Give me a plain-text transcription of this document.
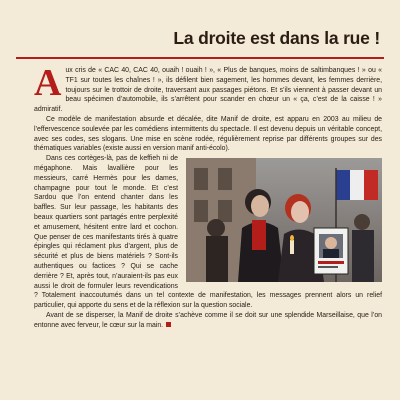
La droite est dans la rue !
A ux cris de « CAC 40, CAC 40, ouaih ! ouaih ! », « Plus de banques, moins de saltimbanques ! » ou « TF1 sur toutes les chaînes ! », ils défilent bien sagement, les hommes devant, les femmes derrière, toujours sur le trottoir de droite, traversant aux passages piétons. Et s’ils viennent à passer devant un beau spécimen d’automobile, ils s’arrêtent pour scander en chœur un « ça, c’est de la caisse ! » admiratif.

Ce modèle de manifestation absurde et décalée, dite Manif de droite, est apparu en 2003 au milieu de l’effervescence soulevée par les comédiens intermittents du spectacle. Il est devenu depuis un véritable concept, avec ses codes, ses slogans. Une mise en scène rodée, régulièrement reprise par différents groupes sur des thématiques variables (existe aussi en version manif anti-écolo).

Dans ces cortèges-là, pas de keffieh ni de mégaphone. Mais lavallière pour les messieurs, carré Hermès pour les dames, champagne pour tout le monde. Et c’est Sardou que l’on entend chanter dans les baffles. Sur leur passage, les habitants des beaux quartiers sont partagés entre perplexité et amusement, hésitent entre lard et cochon. Que penser de ces manifestants tirés à quatre épingles qui réclament plus d’argent, plus de sécurité et plus de biens matériels ? Sont-ils authentiques ou factices ? Qui se cache derrière ? Et, après tout, n’auraient-ils pas eux aussi le droit de formuler leurs revendications ? Totalement inaccoutumés dans un tel contexte de manifestation, les messages prennent alors un relief particulier, qui apporte du sens et de la réflexion sur la question sociale.

Avant de se disperser, la Manif de droite s’achève comme il se doit sur une splendide Marseillaise, que l’on entonne avec ferveur, le cœur sur la main.
